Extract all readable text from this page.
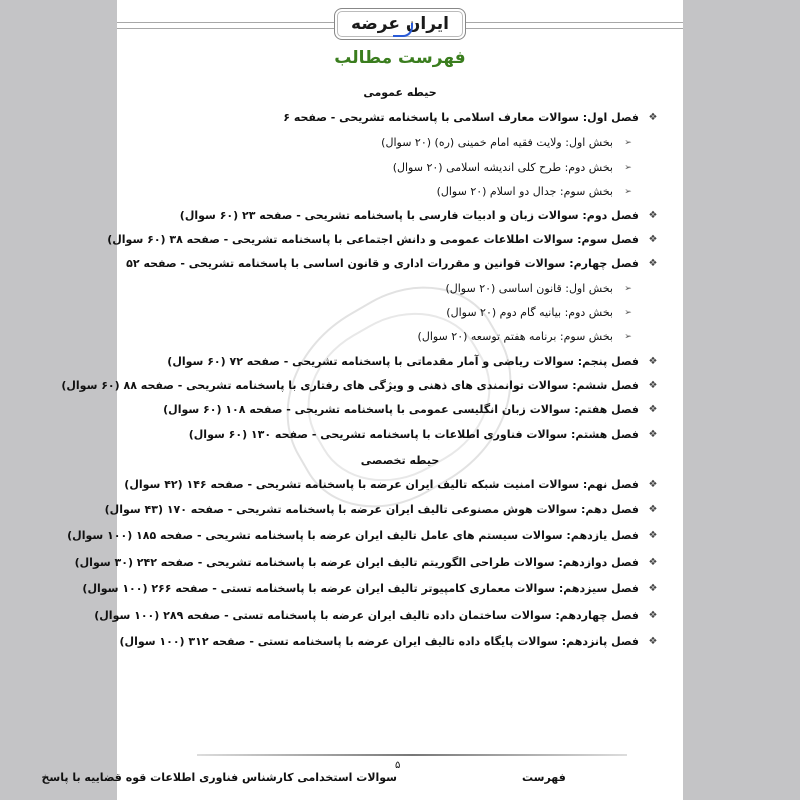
ایران عرضه
فهرست مطالب
حیطه عمومی
❖
فصل اول: سوالات معارف اسلامی با پاسخنامه تشریحی - صفحه ۶
➢
بخش اول: ولایت فقیه امام خمینی (ره) (۲۰ سوال)
➢
بخش دوم: طرح کلی اندیشه اسلامی (۲۰ سوال)
➢
بخش سوم: جدال دو اسلام (۲۰ سوال)
❖
فصل دوم: سوالات زبان و ادبیات فارسی با پاسخنامه تشریحی - صفحه ۲۳ (۶۰ سوال)
❖
فصل سوم: سوالات اطلاعات عمومی و دانش اجتماعی با پاسخنامه تشریحی - صفحه ۳۸ (۶۰ سوال)
❖
فصل چهارم: سوالات قوانین و مقررات اداری و قانون اساسی با پاسخنامه تشریحی - صفحه ۵۲
➢
بخش اول: قانون اساسی (۲۰ سوال)
➢
بخش دوم: بیانیه گام دوم (۲۰ سوال)
➢
بخش سوم: برنامه هفتم توسعه (۲۰ سوال)
❖
فصل پنجم: سوالات ریاضی و آمار مقدماتی با پاسخنامه تشریحی - صفحه ۷۲ (۶۰ سوال)
❖
فصل ششم: سوالات توانمندی های ذهنی و ویژگی های رفتاری با پاسخنامه تشریحی - صفحه ۸۸ (۶۰ سوال)
❖
فصل هفتم: سوالات زبان انگلیسی عمومی با پاسخنامه تشریحی - صفحه ۱۰۸ (۶۰ سوال)
❖
فصل هشتم: سوالات فناوری اطلاعات با پاسخنامه تشریحی - صفحه ۱۳۰ (۶۰ سوال)
حیطه تخصصی
❖
فصل نهم: سوالات امنیت شبکه تالیف ایران عرضه با پاسخنامه تشریحی - صفحه ۱۴۶ (۴۲ سوال)
❖
فصل دهم: سوالات هوش مصنوعی تالیف ایران عرضه با پاسخنامه تشریحی - صفحه ۱۷۰ (۴۳ سوال)
❖
فصل یازدهم: سوالات سیستم های عامل تالیف ایران عرضه با پاسخنامه تشریحی - صفحه ۱۸۵ (۱۰۰ سوال)
❖
فصل دوازدهم: سوالات طراحی الگوریتم تالیف ایران عرضه با پاسخنامه تشریحی - صفحه ۲۴۲ (۳۰ سوال)
❖
فصل سیزدهم: سوالات معماری کامپیوتر تالیف ایران عرضه با پاسخنامه تستی - صفحه ۲۶۶ (۱۰۰ سوال)
❖
فصل چهاردهم: سوالات ساختمان داده تالیف ایران عرضه با پاسخنامه تستی - صفحه ۲۸۹ (۱۰۰ سوال)
❖
فصل پانزدهم: سوالات پایگاه داده تالیف ایران عرضه با پاسخنامه تستی - صفحه ۳۱۲ (۱۰۰ سوال)
۵
سوالات استخدامی کارشناس فناوری اطلاعات قوه قضاییه با پاسخ	فهرست
